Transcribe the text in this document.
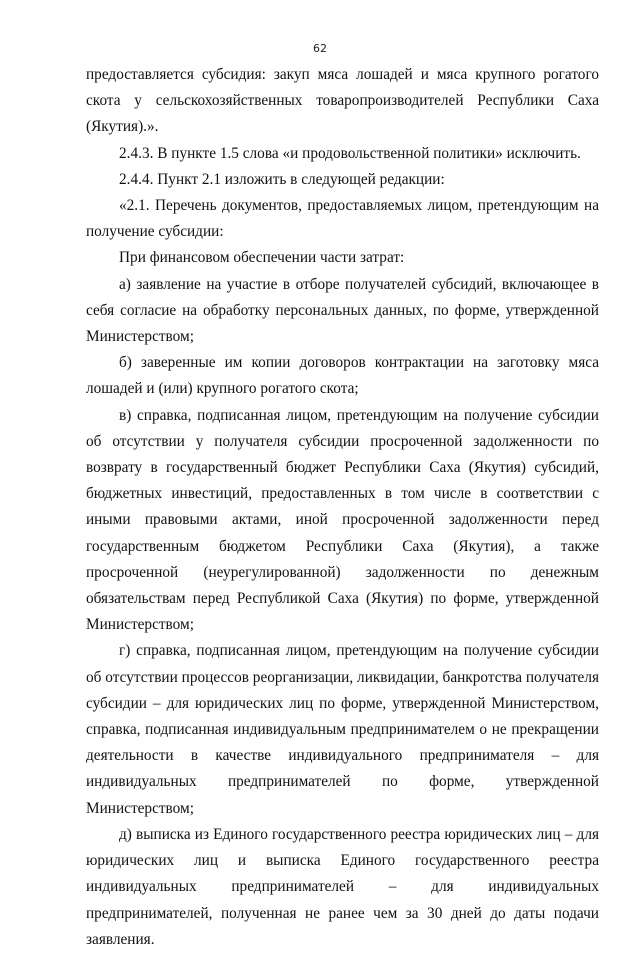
62

предоставляется субсидия: закуп мяса лошадей и мяса крупного рогатого скота у сельскохозяйственных товаропроизводителей Республики Саха (Якутия).».

2.4.3. В пункте 1.5 слова «и продовольственной политики» исключить.

2.4.4. Пункт 2.1 изложить в следующей редакции:

«2.1. Перечень документов, предоставляемых лицом, претендующим на получение субсидии:

При финансовом обеспечении части затрат:

а) заявление на участие в отборе получателей субсидий, включающее в себя согласие на обработку персональных данных, по форме, утвержденной Министерством;

б) заверенные им копии договоров контрактации на заготовку мяса лошадей и (или) крупного рогатого скота;

в) справка, подписанная лицом, претендующим на получение субсидии об отсутствии у получателя субсидии просроченной задолженности по возврату в государственный бюджет Республики Саха (Якутия) субсидий, бюджетных инвестиций, предоставленных в том числе в соответствии с иными правовыми актами, иной просроченной задолженности перед государственным бюджетом Республики Саха (Якутия), а также просроченной (неурегулированной) задолженности по денежным обязательствам перед Республикой Саха (Якутия) по форме, утвержденной Министерством;

г) справка, подписанная лицом, претендующим на получение субсидии об отсутствии процессов реорганизации, ликвидации, банкротства получателя субсидии – для юридических лиц по форме, утвержденной Министерством, справка, подписанная индивидуальным предпринимателем о не прекращении деятельности в качестве индивидуального предпринимателя – для индивидуальных предпринимателей по форме, утвержденной Министерством;

д) выписка из Единого государственного реестра юридических лиц – для юридических лиц и выписка Единого государственного реестра индивидуальных предпринимателей – для индивидуальных предпринимателей, полученная не ранее чем за 30 дней до даты подачи заявления.
